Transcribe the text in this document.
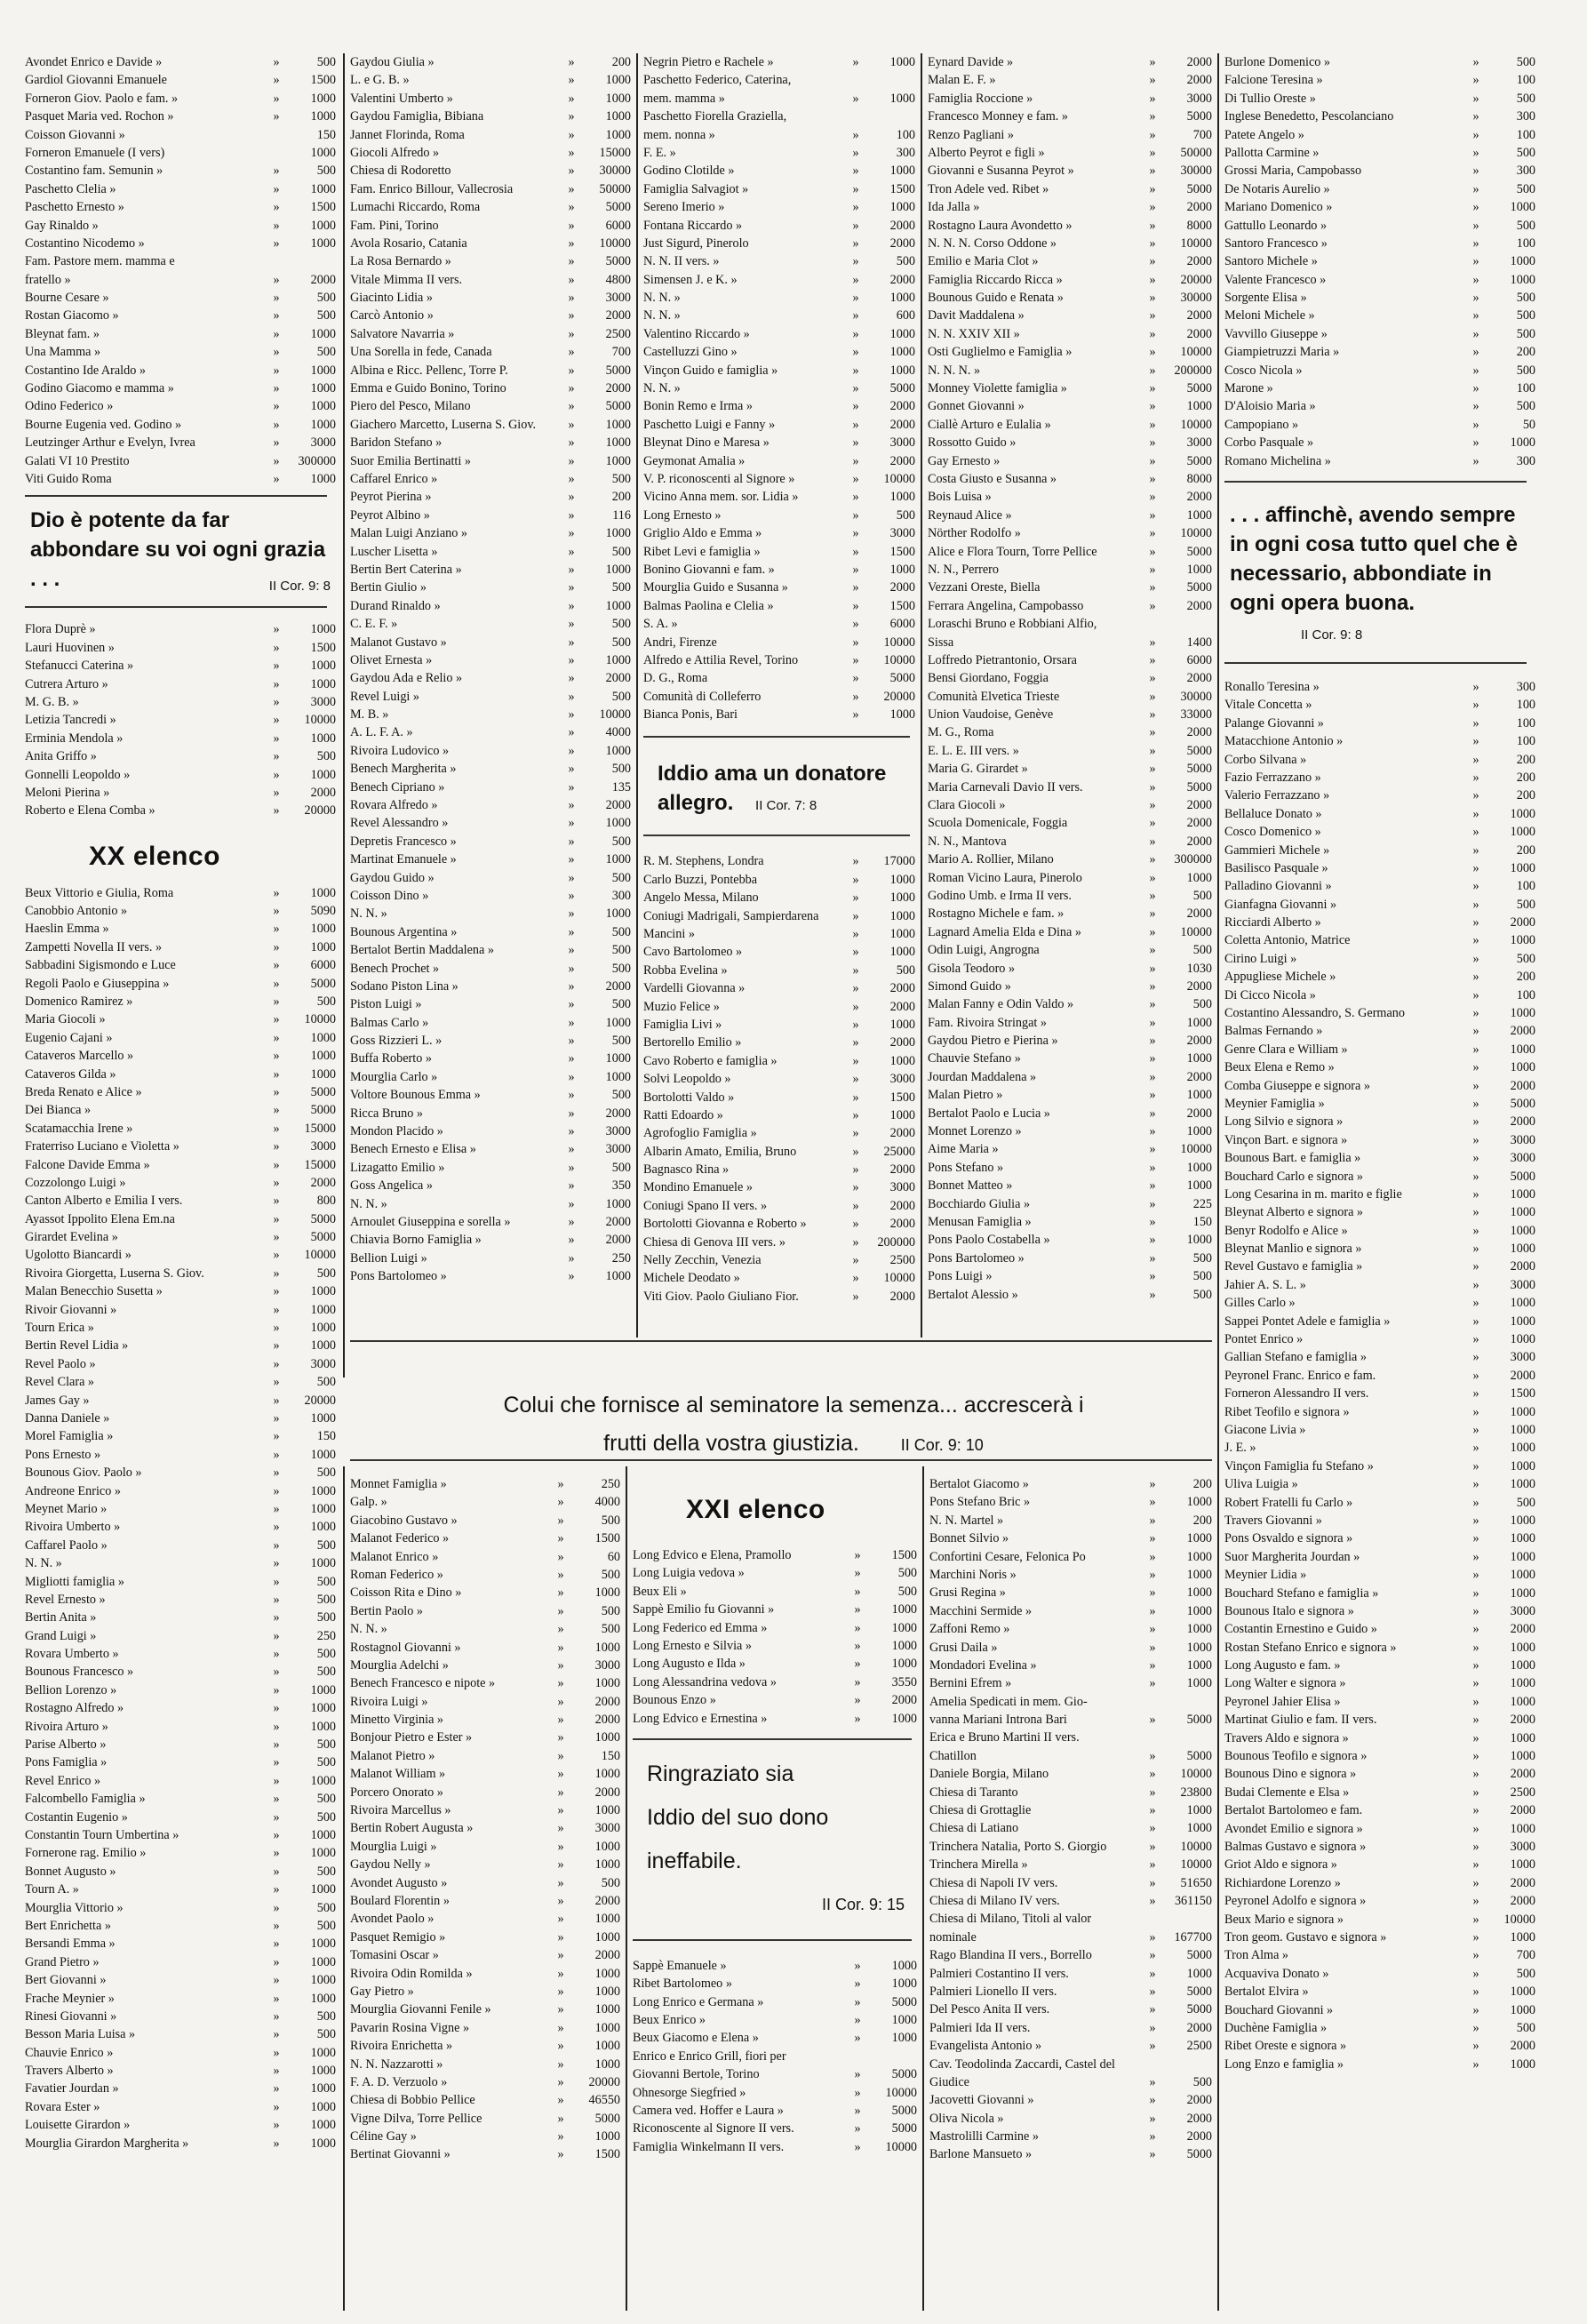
Avondet Enrico e Davide »	»	500
Gardiol Giovanni Emanuele	»	1500
Forneron Giov. Paolo e fam. »	»	1000
Pasquet Maria ved. Rochon »	»	1000
Coisson Giovanni »	150
Forneron Emanuele (I vers)	1000
Costantino fam. Semunin »	»	500
Paschetto Clelia »	»	1000
Paschetto Ernesto »	»	1500
Gay Rinaldo »	»	1000
Costantino Nicodemo »	»	1000
Fam. Pastore mem. mamma e
fratello »	»	2000
Bourne Cesare »	»	500
Rostan Giacomo »	»	500
Bleynat fam. »	»	1000
Una Mamma »	»	500
Costantino Ide Araldo »	»	1000
Godino Giacomo e mamma »	»	1000
Odino Federico »	»	1000
Bourne Eugenia ved. Godino »	»	1000
Leutzinger Arthur e Evelyn, Ivrea	»	3000
Galati VI 10 Prestito	»	300000
Viti Guido Roma	»	1000
Dio è potente da far abbondare su voi ogni grazia . . .	II Cor. 9: 8
Flora Duprè »	»	1000
Lauri Huovinen »	»	1500
Stefanucci Caterina »	»	1000
Cutrera Arturo »	»	1000
M. G. B. »	»	3000
Letizia Tancredi »	»	10000
Erminia Mendola »	»	1000
Anita Griffo »	»	500
Gonnelli Leopoldo »	»	1000
Meloni Pierina »	»	2000
Roberto e Elena Comba »	»	20000
XX elenco
Beux Vittorio e Giulia, Roma	»	1000
Canobbio Antonio »	»	5090
Haeslin Emma »	»	1000
Zampetti Novella II vers. »	»	1000
Sabbadini Sigismondo e Luce	»	6000
Regoli Paolo e Giuseppina »	»	5000
Domenico Ramirez »	»	500
Maria Giocoli »	»	10000
Eugenio Cajani »	»	1000
Cataveros Marcello »	»	1000
Cataveros Gilda »	»	1000
Breda Renato e Alice »	»	5000
Dei Bianca »	»	5000
Scatamacchia Irene »	»	15000
Fraterriso Luciano e Violetta »	»	3000
Falcone Davide Emma »	»	15000
Cozzolongo Luigi »	»	2000
Canton Alberto e Emilia I vers.	»	800
Ayassot Ippolito Elena Em.na	»	5000
Girardet Evelina »	»	5000
Ugolotto Biancardi »	»	10000
Rivoira Giorgetta, Luserna S. Giov.	»	500
Malan Benecchio Susetta »	»	1000
Rivoir Giovanni »	»	1000
Tourn Erica »	»	1000
Bertin Revel Lidia »	»	1000
Revel Paolo »	»	3000
Revel Clara »	»	500
James Gay »	»	20000
Danna Daniele »	»	1000
Morel Famiglia »	»	150
Pons Ernesto »	»	1000
Bounous Giov. Paolo »	»	500
Andreone Enrico »	»	1000
Meynet Mario »	»	1000
Rivoira Umberto »	»	1000
Caffarel Paolo »	»	500
N. N. »	»	1000
Migliotti famiglia »	»	500
Revel Ernesto »	»	500
Bertin Anita »	»	500
Grand Luigi »	»	250
Rovara Umberto »	»	500
Bounous Francesco »	»	500
Bellion Lorenzo »	»	1000
Rostagno Alfredo »	»	1000
Rivoira Arturo »	»	1000
Parise Alberto »	»	500
Pons Famiglia »	»	500
Revel Enrico »	»	1000
Falcombello Famiglia »	»	500
Costantin Eugenio »	»	500
Constantin Tourn Umbertina »	»	1000
Fornerone rag. Emilio »	»	1000
Bonnet Augusto »	»	500
Tourn A. »	»	1000
Mourglia Vittorio »	»	500
Bert Enrichetta »	»	500
Bersandi Emma »	»	1000
Grand Pietro »	»	1000
Bert Giovanni »	»	1000
Frache Meynier »	»	1000
Rinesi Giovanni »	»	500
Besson Maria Luisa »	»	500
Chauvie Enrico »	»	1000
Travers Alberto »	»	1000
Favatier Jourdan »	»	1000
Rovara Ester »	»	1000
Louisette Girardon »	»	1000
Mourglia Girardon Margherita »	»	1000
Gaydou Giulia »	»	200
L. e G. B. »	»	1000
Valentini Umberto »	»	1000
Gaydou Famiglia, Bibiana	»	1000
Jannet Florinda, Roma	»	1000
Giocoli Alfredo »	»	15000
Chiesa di Rodoretto	»	30000
Fam. Enrico Billour, Vallecrosia	»	50000
Lumachi Riccardo, Roma	»	5000
Fam. Pini, Torino	»	6000
Avola Rosario, Catania	»	10000
La Rosa Bernardo »	»	5000
Vitale Mimma II vers.	»	4800
Giacinto Lidia »	»	3000
Carcò Antonio »	»	2000
Salvatore Navarria »	»	2500
Una Sorella in fede, Canada	»	700
Albina e Ricc. Pellenc, Torre P.	»	5000
Emma e Guido Bonino, Torino	»	2000
Piero del Pesco, Milano	»	5000
Giachero Marcetto, Luserna S. Giov.	»	1000
Baridon Stefano »	»	1000
Suor Emilia Bertinatti »	»	1000
Caffarel Enrico »	»	500
Peyrot Pierina »	»	200
Peyrot Albino »	»	116
Malan Luigi Anziano »	»	1000
Luscher Lisetta »	»	500
Bertin Bert Caterina »	»	1000
Bertin Giulio »	»	500
Durand Rinaldo »	»	1000
C. E. F. »	»	500
Malanot Gustavo »	»	500
Olivet Ernesta »	»	1000
Gaydou Ada e Relio »	»	2000
Revel Luigi »	»	500
M. B. »	»	10000
A. L. F. A. »	»	4000
Rivoira Ludovico »	»	1000
Benech Margherita »	»	500
Benech Cipriano »	»	135
Rovara Alfredo »	»	2000
Revel Alessandro »	»	1000
Depretis Francesco »	»	500
Martinat Emanuele »	»	1000
Gaydou Guido »	»	500
Coisson Dino »	»	300
N. N. »	»	1000
Bounous Argentina »	»	500
Bertalot Bertin Maddalena »	»	500
Benech Prochet »	»	500
Sodano Piston Lina »	»	2000
Piston Luigi »	»	500
Balmas Carlo »	»	1000
Goss Rizzieri L. »	»	500
Buffa Roberto »	»	1000
Mourglia Carlo »	»	1000
Voltore Bounous Emma »	»	500
Ricca Bruno »	»	2000
Mondon Placido »	»	3000
Benech Ernesto e Elisa »	»	3000
Lizagatto Emilio »	»	500
Goss Angelica »	»	350
N. N. »	»	1000
Arnoulet Giuseppina e sorella »	»	2000
Chiavia Borno Famiglia »	»	2000
Bellion Luigi »	»	250
Pons Bartolomeo »	»	1000
Negrin Pietro e Rachele »	»	1000
Paschetto Federico, Caterina,
mem. mamma »	»	1000
Paschetto Fiorella Graziella,
mem. nonna »	»	100
F. E. »	»	300
Godino Clotilde »	»	1000
Famiglia Salvagiot »	»	1500
Sereno Imerio »	»	1000
Fontana Riccardo »	»	2000
Just Sigurd, Pinerolo	»	2000
N. N. II vers. »	»	500
Simensen J. e K. »	»	2000
N. N. »	»	1000
N. N. »	»	600
Valentino Riccardo »	»	1000
Castelluzzi Gino »	»	1000
Vinçon Guido e famiglia »	»	1000
N. N. »	»	5000
Bonin Remo e Irma »	»	2000
Paschetto Luigi e Fanny »	»	2000
Bleynat Dino e Maresa »	»	3000
Geymonat Amalia »	»	2000
V. P. riconoscenti al Signore »	»	10000
Vicino Anna mem. sor. Lidia »	»	1000
Long Ernesto »	»	500
Griglio Aldo e Emma »	»	3000
Ribet Levi e famiglia »	»	1500
Bonino Giovanni e fam. »	»	1000
Mourglia Guido e Susanna »	»	2000
Balmas Paolina e Clelia »	»	1500
S. A. »	»	6000
Andri, Firenze	»	10000
Alfredo e Attilia Revel, Torino	»	10000
D. G., Roma	»	5000
Comunità di Colleferro	»	20000
Bianca Ponis, Bari	»	1000
Iddio ama un donatore allegro. II Cor. 7: 8
R. M. Stephens, Londra	»	17000
Carlo Buzzi, Pontebba	»	1000
Angelo Messa, Milano	»	1000
Coniugi Madrigali, Sampierdarena	»	1000
Mancini »	»	1000
Cavo Bartolomeo »	»	1000
Robba Evelina »	»	500
Vardelli Giovanna »	»	2000
Muzio Felice »	»	2000
Famiglia Livi »	»	1000
Bertorello Emilio »	»	2000
Cavo Roberto e famiglia »	»	1000
Solvi Leopoldo »	»	3000
Bortolotti Valdo »	»	1500
Ratti Edoardo »	»	1000
Agrofoglio Famiglia »	»	2000
Albarin Amato, Emilia, Bruno	»	25000
Bagnasco Rina »	»	2000
Mondino Emanuele »	»	3000
Coniugi Spano II vers. »	»	2000
Bortolotti Giovanna e Roberto »	»	2000
Chiesa di Genova III vers. »	»	200000
Nelly Zecchin, Venezia	»	2500
Michele Deodato »	»	10000
Viti Giov. Paolo Giuliano Fior.	»	2000
Eynard Davide »	»	2000
Malan E. F. »	»	2000
Famiglia Roccione »	»	3000
Francesco Monney e fam. »	»	5000
Renzo Pagliani »	»	700
Alberto Peyrot e figli »	»	50000
Giovanni e Susanna Peyrot »	»	30000
Tron Adele ved. Ribet »	»	5000
Ida Jalla »	»	2000
Rostagno Laura Avondetto »	»	8000
N. N. N. Corso Oddone »	»	10000
Emilio e Maria Clot »	»	2000
Famiglia Riccardo Ricca »	»	20000
Bounous Guido e Renata »	»	30000
Davit Maddalena »	»	2000
N. N. XXIV XII »	»	2000
Osti Guglielmo e Famiglia »	»	10000
N. N. N. »	»	200000
Monney Violette famiglia »	»	5000
Gonnet Giovanni »	»	1000
Ciallè Arturo e Eulalia »	»	10000
Rossotto Guido »	»	3000
Gay Ernesto »	»	5000
Costa Giusto e Susanna »	»	8000
Bois Luisa »	»	2000
Reynaud Alice »	»	1000
Nörther Rodolfo »	»	10000
Alice e Flora Tourn, Torre Pellice	»	5000
N. N., Perrero	»	1000
Vezzani Oreste, Biella	»	5000
Ferrara Angelina, Campobasso	»	2000
Loraschi Bruno e Robbiani Alfio,
Sissa	»	1400
Loffredo Pietrantonio, Orsara	»	6000
Bensi Giordano, Foggia	»	2000
Comunità Elvetica Trieste	»	30000
Union Vaudoise, Genève	»	33000
M. G., Roma	»	2000
E. L. E. III vers. »	»	5000
Maria G. Girardet »	»	5000
Maria Carnevali Davio II vers.	»	5000
Clara Giocoli »	»	2000
Scuola Domenicale, Foggia	»	2000
N. N., Mantova	»	2000
Mario A. Rollier, Milano	»	300000
Roman Vicino Laura, Pinerolo	»	1000
Godino Umb. e Irma II vers.	»	500
Rostagno Michele e fam. »	»	2000
Lagnard Amelia Elda e Dina »	»	10000
Odin Luigi, Angrogna	»	500
Gisola Teodoro »	»	1030
Simond Guido »	»	2000
Malan Fanny e Odin Valdo »	»	500
Fam. Rivoira Stringat »	»	1000
Gaydou Pietro e Pierina »	»	2000
Chauvie Stefano »	»	1000
Jourdan Maddalena »	»	2000
Malan Pietro »	»	1000
Bertalot Paolo e Lucia »	»	2000
Monnet Lorenzo »	»	1000
Aime Maria »	»	10000
Pons Stefano »	»	1000
Bonnet Matteo »	»	1000
Bocchiardo Giulia »	»	225
Menusan Famiglia »	»	150
Pons Paolo Costabella »	»	1000
Pons Bartolomeo »	»	500
Pons Luigi »	»	500
Bertalot Alessio »	»	500
Burlone Domenico »	»	500
Falcione Teresina »	»	100
Di Tullio Oreste »	»	500
Inglese Benedetto, Pescolanciano	»	300
Patete Angelo »	»	100
Pallotta Carmine »	»	500
Grossi Maria, Campobasso	»	300
De Notaris Aurelio »	»	500
Mariano Domenico »	»	1000
Gattullo Leonardo »	»	500
Santoro Francesco »	»	100
Santoro Michele »	»	1000
Valente Francesco »	»	1000
Sorgente Elisa »	»	500
Meloni Michele »	»	500
Vavvillo Giuseppe »	»	500
Giampietruzzi Maria »	»	200
Cosco Nicola »	»	500
Marone »	»	100
D'Aloisio Maria »	»	500
Campopiano »	»	50
Corbo Pasquale »	»	1000
Romano Michelina »	»	300
. . . affinchè, avendo sempre in ogni cosa tutto quel che è necessario, abbondiate in ogni opera buona. II Cor. 9: 8
Ronallo Teresina »	»	300
Vitale Concetta »	»	100
Palange Giovanni »	»	100
Matacchione Antonio »	»	100
Corbo Silvana »	»	200
Fazio Ferrazzano »	»	200
Valerio Ferrazzano »	»	200
Bellaluce Donato »	»	1000
Cosco Domenico »	»	1000
Gammieri Michele »	»	200
Basilisco Pasquale »	»	1000
Palladino Giovanni »	»	100
Gianfagna Giovanni »	»	500
Ricciardi Alberto »	»	2000
Coletta Antonio, Matrice	»	1000
Cirino Luigi »	»	500
Appugliese Michele »	»	200
Di Cicco Nicola »	»	100
Costantino Alessandro, S. Germano	»	1000
Balmas Fernando »	»	2000
Genre Clara e William »	»	1000
Beux Elena e Remo »	»	1000
Comba Giuseppe e signora »	»	2000
Meynier Famiglia »	»	5000
Long Silvio e signora »	»	2000
Vinçon Bart. e signora »	»	3000
Bounous Bart. e famiglia »	»	3000
Bouchard Carlo e signora »	»	5000
Long Cesarina in m. marito e figlie	»	1000
Bleynat Alberto e signora »	»	1000
Benyr Rodolfo e Alice »	»	1000
Bleynat Manlio e signora »	»	1000
Revel Gustavo e famiglia »	»	2000
Jahier A. S. L. »	»	3000
Gilles Carlo »	»	1000
Sappei Pontet Adele e famiglia »	»	1000
Pontet Enrico »	»	1000
Gallian Stefano e famiglia »	»	3000
Peyronel Franc. Enrico e fam.	»	2000
Forneron Alessandro II vers.	»	1500
Ribet Teofilo e signora »	»	1000
Giacone Livia »	»	1000
J. E. »	»	1000
Vinçon Famiglia fu Stefano »	»	1000
Uliva Luigia »	»	1000
Robert Fratelli fu Carlo »	»	500
Travers Giovanni »	»	1000
Pons Osvaldo e signora »	»	1000
Suor Margherita Jourdan »	»	1000
Meynier Lidia »	»	1000
Bouchard Stefano e famiglia »	»	1000
Bounous Italo e signora »	»	3000
Costantin Ernestino e Guido »	»	2000
Rostan Stefano Enrico e signora »	»	1000
Long Augusto e fam. »	»	1000
Long Walter e signora »	»	1000
Peyronel Jahier Elisa »	»	1000
Martinat Giulio e fam. II vers.	»	2000
Travers Aldo e signora »	»	1000
Bounous Teofilo e signora »	»	1000
Bounous Dino e signora »	»	2000
Budai Clemente e Elsa »	»	2500
Bertalot Bartolomeo e fam.	»	2000
Avondet Emilio e signora »	»	1000
Balmas Gustavo e signora »	»	3000
Griot Aldo e signora »	»	1000
Richiardone Lorenzo »	»	2000
Peyronel Adolfo e signora »	»	2000
Beux Mario e signora »	»	10000
Tron geom. Gustavo e signora »	»	1000
Tron Alma »	»	700
Acquaviva Donato »	»	500
Bertalot Elvira »	»	1000
Bouchard Giovanni »	»	1000
Duchène Famiglia »	»	500
Ribet Oreste e signora »	»	2000
Long Enzo e famiglia »	»	1000
Colui che fornisce al seminatore la semenza... accrescerà i frutti della vostra giustizia.	II Cor. 9: 10
Monnet Famiglia »	»	250
Galp. »	»	4000
Giacobino Gustavo »	»	500
Malanot Federico »	»	1500
Malanot Enrico »	»	60
Roman Federico »	»	500
Coisson Rita e Dino »	»	1000
Bertin Paolo »	»	500
N. N. »	»	500
Rostagnol Giovanni »	»	1000
Mourglia Adelchi »	»	3000
Benech Francesco e nipote »	»	1000
Rivoira Luigi »	»	2000
Minetto Virginia »	»	2000
Bonjour Pietro e Ester »	»	1000
Malanot Pietro »	»	150
Malanot William »	»	1000
Porcero Onorato »	»	2000
Rivoira Marcellus »	»	1000
Bertin Robert Augusta »	»	3000
Mourglia Luigi »	»	1000
Gaydou Nelly »	»	1000
Avondet Augusto »	»	500
Boulard Florentin »	»	2000
Avondet Paolo »	»	1000
Pasquet Remigio »	»	1000
Tomasini Oscar »	»	2000
Rivoira Odin Romilda »	»	1000
Gay Pietro »	»	1000
Mourglia Giovanni Fenile »	»	1000
Pavarin Rosina Vigne »	»	1000
Rivoira Enrichetta »	»	1000
N. N. Nazzarotti »	»	1000
F. A. D. Verzuolo »	»	20000
Chiesa di Bobbio Pellice	»	46550
Vigne Dilva, Torre Pellice	»	5000
Céline Gay »	»	1000
Bertinat Giovanni »	»	1500
XXI elenco
Long Edvico e Elena, Pramollo	»	1500
Long Luigia vedova »	»	500
Beux Eli »	»	500
Sappè Emilio fu Giovanni »	»	1000
Long Federico ed Emma »	»	1000
Long Ernesto e Silvia »	»	1000
Long Augusto e Ilda »	»	1000
Long Alessandrina vedova »	»	3550
Bounous Enzo »	»	2000
Long Edvico e Ernestina »	»	1000
Ringraziato sia Iddio del suo dono ineffabile.
II Cor. 9: 15
Sappè Emanuele »	»	1000
Ribet Bartolomeo »	»	1000
Long Enrico e Germana »	»	5000
Beux Enrico »	»	1000
Beux Giacomo e Elena »	»	1000
Enrico e Enrico Grill, fiori per
Giovanni Bertole, Torino	»	5000
Ohnesorge Siegfried »	»	10000
Camera ved. Hoffer e Laura »	»	5000
Riconoscente al Signore II vers.	»	5000
Famiglia Winkelmann II vers.	»	10000
Bertalot Giacomo »	»	200
Pons Stefano Bric »	»	1000
N. N. Martel »	»	200
Bonnet Silvio »	»	1000
Confortini Cesare, Felonica Po	»	1000
Marchini Noris »	»	1000
Grusi Regina »	»	1000
Macchini Sermide »	»	1000
Zaffoni Remo »	»	1000
Grusi Daila »	»	1000
Mondadori Evelina »	»	1000
Bernini Efrem »	»	1000
Amelia Spedicati in mem. Gio-
vanna Mariani Introna Bari	»	5000
Erica e Bruno Martini II vers.
Chatillon	»	5000
Daniele Borgia, Milano	»	10000
Chiesa di Taranto	»	23800
Chiesa di Grottaglie	»	1000
Chiesa di Latiano	»	1000
Trinchera Natalia, Porto S. Giorgio	»	10000
Trinchera Mirella »	»	10000
Chiesa di Napoli IV vers.	»	51650
Chiesa di Milano IV vers.	»	361150
Chiesa di Milano, Titoli al valor
nominale	»	167700
Rago Blandina II vers., Borrello	»	5000
Palmieri Costantino II vers.	»	1000
Palmieri Lionello II vers.	»	5000
Del Pesco Anita II vers.	»	5000
Palmieri Ida II vers.	»	2000
Evangelista Antonio »	»	2500
Cav. Teodolinda Zaccardi, Castel del
Giudice	»	500
Jacovetti Giovanni »	»	2000
Oliva Nicola »	»	2000
Mastrolilli Carmine »	»	2000
Barlone Mansueto »	»	5000
